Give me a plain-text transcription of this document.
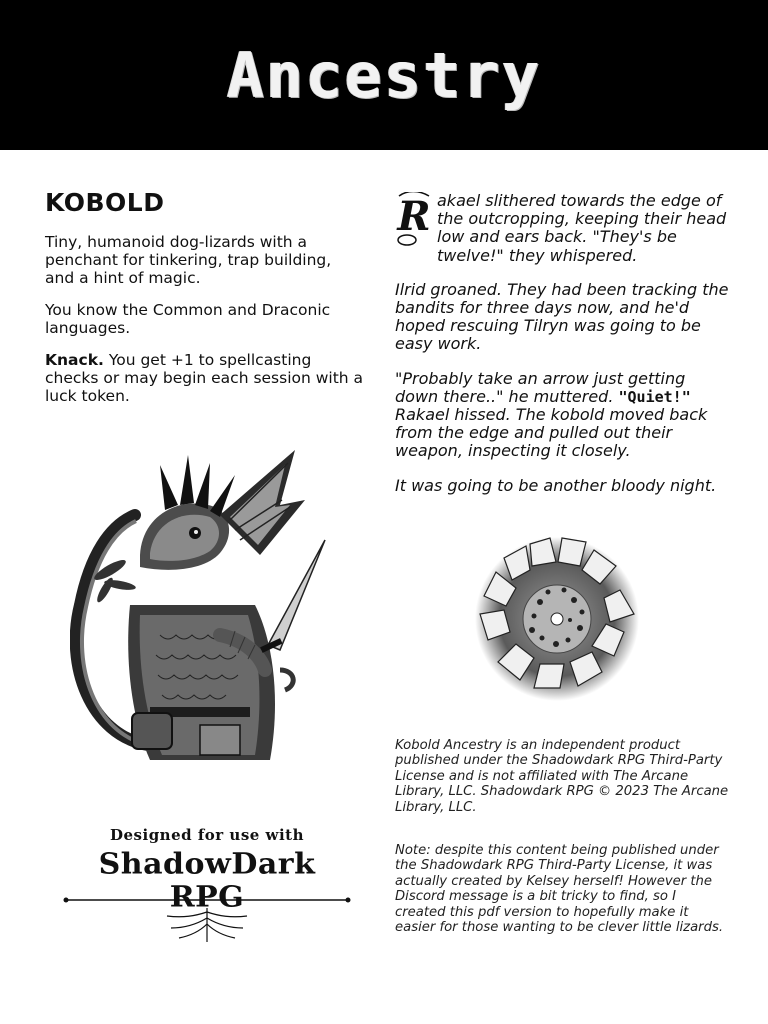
Ancestry
KOBOLD

Tiny, humanoid dog-lizards with a penchant for tinkering, trap building, and a hint of magic.

You know the Common and Draconic languages.

Knack. You get +1 to spellcasting checks or may begin each session with a luck token.

Designed for use with
ShadowDark RPG

R akael slithered towards the edge of the outcropping, keeping their head low and ears back. "They's be twelve!" they whispered.

Ilrid groaned. They had been tracking the bandits for three days now, and he'd hoped rescuing Tilryn was going to be easy work.

"Probably take an arrow just getting down there.." he muttered. "Quiet!" Rakael hissed. The kobold moved back from the edge and pulled out their weapon, inspecting it closely.

It was going to be another bloody night.

Kobold Ancestry is an independent product published under the Shadowdark RPG Third-Party License and is not affiliated with The Arcane Library, LLC. Shadowdark RPG © 2023 The Arcane Library, LLC.

Note: despite this content being published under the Shadowdark RPG Third-Party License, it was actually created by Kelsey herself! However the Discord message is a bit tricky to find, so I created this pdf version to hopefully make it easier for those wanting to be clever little lizards.
